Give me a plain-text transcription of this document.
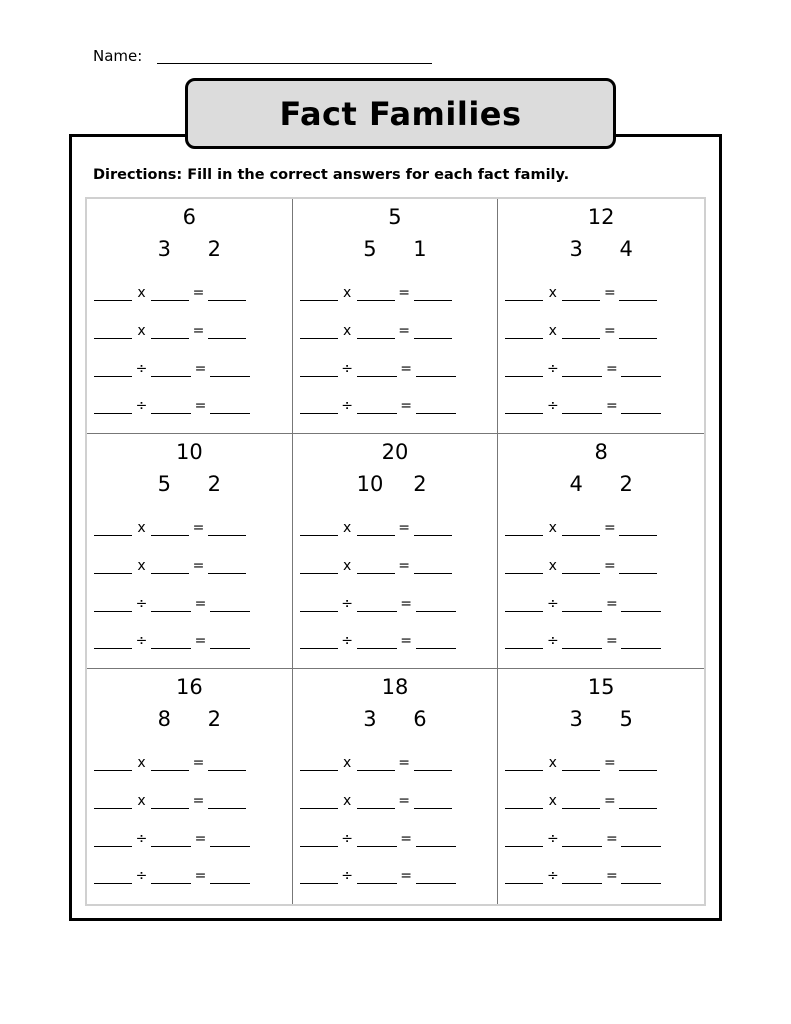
Name:
Fact Families
Directions: Fill in the correct answers for each fact family.
6
3	2
x	=
x	=
÷	=
÷	=
5
5	1
x	=
x	=
÷	=
÷	=
12
3	4
x	=
x	=
÷	=
÷	=
10
5	2
x	=
x	=
÷	=
÷	=
20
10	2
x	=
x	=
÷	=
÷	=
8
4	2
x	=
x	=
÷	=
÷	=
16
8	2
x	=
x	=
÷	=
÷	=
18
3	6
x	=
x	=
÷	=
÷	=
15
3	5
x	=
x	=
÷	=
÷	=
